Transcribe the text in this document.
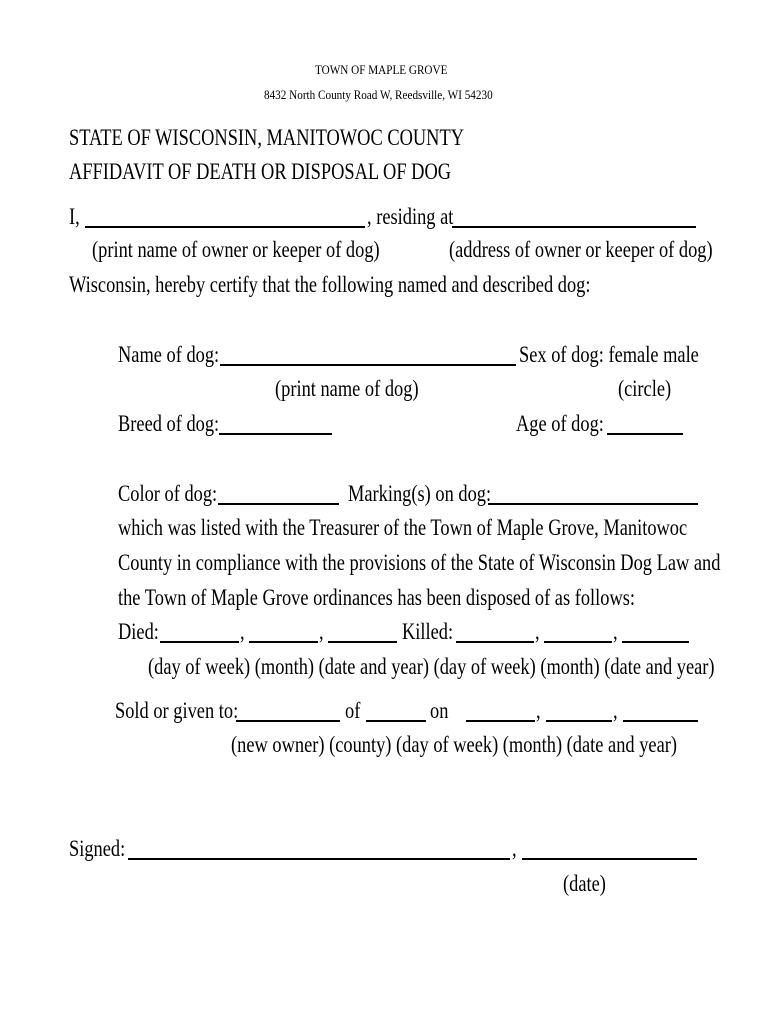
TOWN OF MAPLE GROVE
8432 North County Road W, Reedsville, WI 54230
STATE OF WISCONSIN, MANITOWOC COUNTY
AFFIDAVIT OF DEATH OR DISPOSAL OF DOG
I,	, residing at
(print name of owner or keeper of dog)	(address of owner or keeper of dog)
Wisconsin, hereby certify that the following named and described dog:
Name of dog:	Sex of dog: female male
(print name of dog)	(circle)
Breed of dog:	Age of dog:
Color of dog:	Marking(s) on dog:
which was listed with the Treasurer of the Town of Maple Grove, Manitowoc
County in compliance with the provisions of the State of Wisconsin Dog Law and
the Town of Maple Grove ordinances has been disposed of as follows:
Died:	,	,	Killed:	,	,
(day of week) (month) (date and year) (day of week) (month) (date and year)
Sold or given to:	of	on	,	,
(new owner) (county) (day of week) (month) (date and year)
Signed:	,
(date)
